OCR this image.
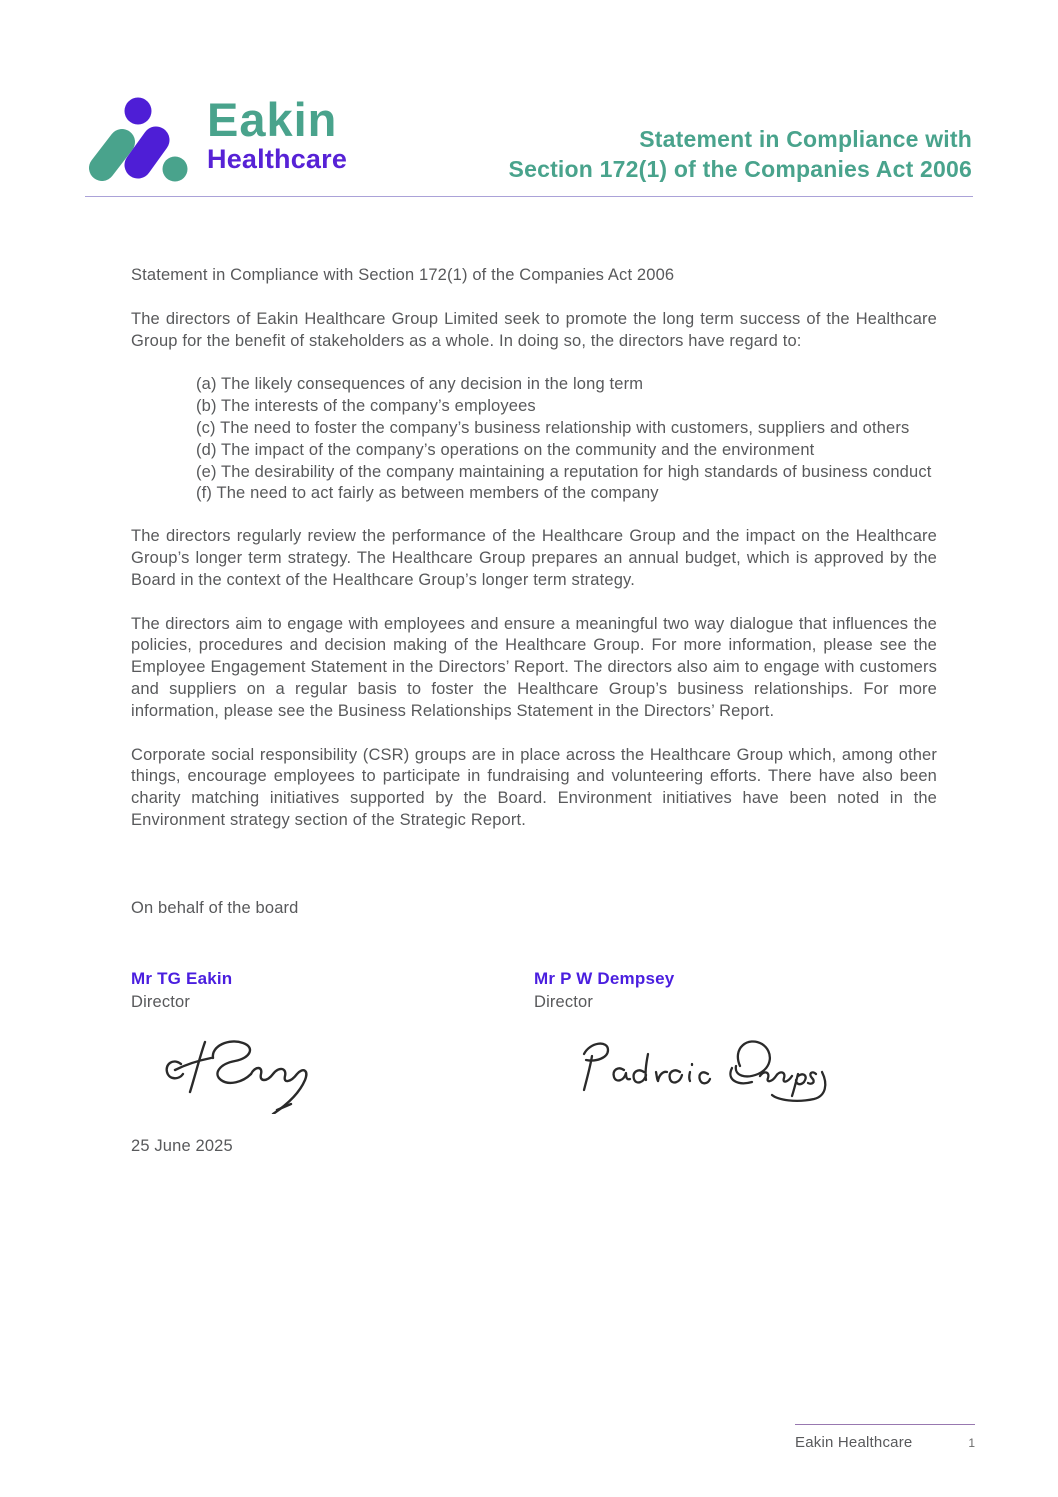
Eakin
Healthcare
Statement in Compliance with
Section 172(1) of the Companies Act 2006
Statement in Compliance with Section 172(1) of the Companies Act 2006
The directors of Eakin Healthcare Group Limited seek to promote the long term success of the Healthcare Group for the benefit of stakeholders as a whole. In doing so, the directors have regard to:
(a) The likely consequences of any decision in the long term
(b) The interests of the company’s employees
(c) The need to foster the company’s business relationship with customers, suppliers and others
(d) The impact of the company’s operations on the community and the environment
(e) The desirability of the company maintaining a reputation for high standards of business conduct
(f) The need to act fairly as between members of the company
The directors regularly review the performance of the Healthcare Group and the impact on the Healthcare Group’s longer term strategy. The Healthcare Group prepares an annual budget, which is approved by the Board in the context of the Healthcare Group’s longer term strategy.
The directors aim to engage with employees and ensure a meaningful two way dialogue that influences the policies, procedures and decision making of the Healthcare Group. For more information, please see the Employee Engagement Statement in the Directors’ Report. The directors also aim to engage with customers and suppliers on a regular basis to foster the Healthcare Group’s business relationships. For more information, please see the Business Relationships Statement in the Directors’ Report.
Corporate social responsibility (CSR) groups are in place across the Healthcare Group which, among other things, encourage employees to participate in fundraising and volunteering efforts. There have also been charity matching initiatives supported by the Board. Environment initiatives have been noted in the Environment strategy section of the Strategic Report.
On behalf of the board
Mr TG Eakin
Director
Mr P W Dempsey
Director
25 June 2025
Eakin Healthcare	1
